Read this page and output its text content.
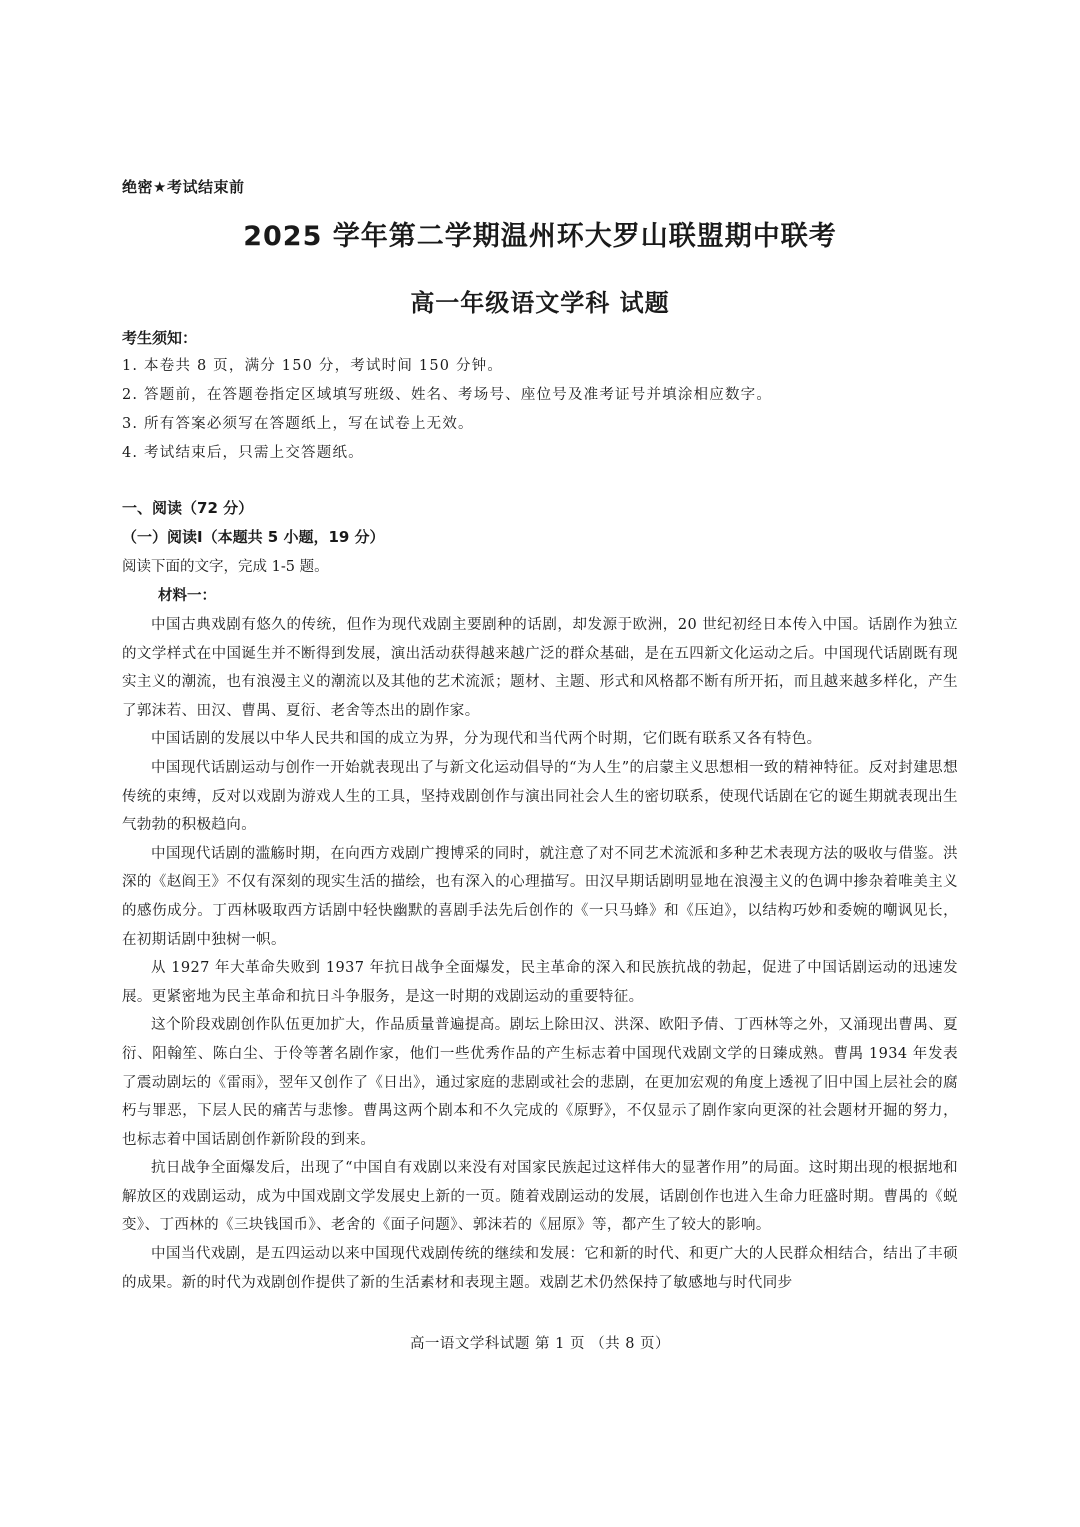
绝密★考试结束前
2025 学年第二学期温州环大罗山联盟期中联考
高一年级语文学科 试题
考生须知：
1. 本卷共 8 页，满分 150 分，考试时间 150 分钟。
2. 答题前，在答题卷指定区域填写班级、姓名、考场号、座位号及准考证号并填涂相应数字。
3. 所有答案必须写在答题纸上，写在试卷上无效。
4. 考试结束后，只需上交答题纸。
一、阅读（72 分）
（一）阅读Ⅰ（本题共 5 小题，19 分）
阅读下面的文字，完成 1-5 题。
材料一：

中国古典戏剧有悠久的传统，但作为现代戏剧主要剧种的话剧，却发源于欧洲，20 世纪初经日本传入中国。话剧作为独立的文学样式在中国诞生并不断得到发展，演出活动获得越来越广泛的群众基础，是在五四新文化运动之后。中国现代话剧既有现实主义的潮流，也有浪漫主义的潮流以及其他的艺术流派；题材、主题、形式和风格都不断有所开拓，而且越来越多样化，产生了郭沫若、田汉、曹禺、夏衍、老舍等杰出的剧作家。

中国话剧的发展以中华人民共和国的成立为界，分为现代和当代两个时期，它们既有联系又各有特色。

中国现代话剧运动与创作一开始就表现出了与新文化运动倡导的“为人生”的启蒙主义思想相一致的精神特征。反对封建思想传统的束缚，反对以戏剧为游戏人生的工具，坚持戏剧创作与演出同社会人生的密切联系，使现代话剧在它的诞生期就表现出生气勃勃的积极趋向。

中国现代话剧的滥觞时期，在向西方戏剧广搜博采的同时，就注意了对不同艺术流派和多种艺术表现方法的吸收与借鉴。洪深的《赵阎王》不仅有深刻的现实生活的描绘，也有深入的心理描写。田汉早期话剧明显地在浪漫主义的色调中掺杂着唯美主义的感伤成分。丁西林吸取西方话剧中轻快幽默的喜剧手法先后创作的《一只马蜂》和《压迫》，以结构巧妙和委婉的嘲讽见长，在初期话剧中独树一帜。

从 1927 年大革命失败到 1937 年抗日战争全面爆发，民主革命的深入和民族抗战的勃起，促进了中国话剧运动的迅速发展。更紧密地为民主革命和抗日斗争服务，是这一时期的戏剧运动的重要特征。

这个阶段戏剧创作队伍更加扩大，作品质量普遍提高。剧坛上除田汉、洪深、欧阳予倩、丁西林等之外，又涌现出曹禺、夏衍、阳翰笙、陈白尘、于伶等著名剧作家，他们一些优秀作品的产生标志着中国现代戏剧文学的日臻成熟。曹禺 1934 年发表了震动剧坛的《雷雨》，翌年又创作了《日出》，通过家庭的悲剧或社会的悲剧，在更加宏观的角度上透视了旧中国上层社会的腐朽与罪恶，下层人民的痛苦与悲惨。曹禺这两个剧本和不久完成的《原野》，不仅显示了剧作家向更深的社会题材开掘的努力，也标志着中国话剧创作新阶段的到来。

抗日战争全面爆发后，出现了“中国自有戏剧以来没有对国家民族起过这样伟大的显著作用”的局面。这时期出现的根据地和解放区的戏剧运动，成为中国戏剧文学发展史上新的一页。随着戏剧运动的发展，话剧创作也进入生命力旺盛时期。曹禺的《蜕变》、丁西林的《三块钱国币》、老舍的《面子问题》、郭沫若的《屈原》等，都产生了较大的影响。

中国当代戏剧，是五四运动以来中国现代戏剧传统的继续和发展：它和新的时代、和更广大的人民群众相结合，结出了丰硕的成果。新的时代为戏剧创作提供了新的生活素材和表现主题。戏剧艺术仍然保持了敏感地与时代同步

高一语文学科试题 第 1 页 （共 8 页）
